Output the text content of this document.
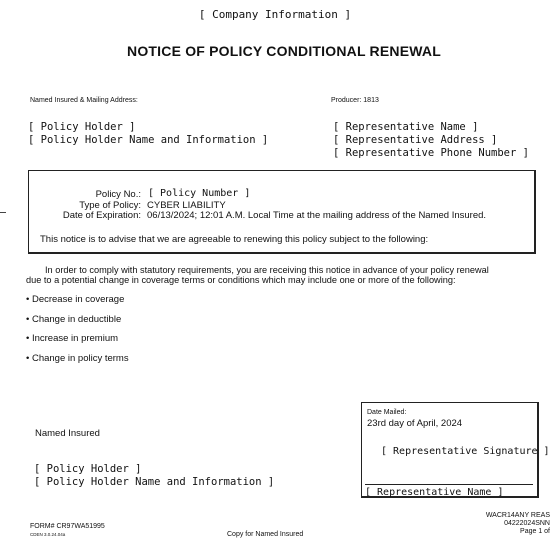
[ Company Information ]
NOTICE OF POLICY CONDITIONAL RENEWAL
Named Insured & Mailing Address:	Producer: 1813
[ Policy Holder ]
[ Policy Holder Name and Information ]
[ Representative Name ]
[ Representative Address ]
[ Representative Phone Number ]
Policy No.: [ Policy Number ]
Type of Policy: CYBER LIABILITY
Date of Expiration: 06/13/2024; 12:01 A.M. Local Time at the mailing address of the Named Insured.
This notice is to advise that we are agreeable to renewing this policy subject to the following:
In order to comply with statutory requirements, you are receiving this notice in advance of your policy renewal
due to a potential change in coverage terms or conditions which may include one or more of the following:
• Decrease in coverage
• Change in deductible
• Increase in premium
• Change in policy terms
Named Insured
[ Policy Holder ]
[ Policy Holder Name and Information ]
Date Mailed:
23rd day of April, 2024
[ Representative Signature ]
[ Representative Name ]
FORM# CR97WA51995
CDEN 3.0.24.04a	Copy for Named Insured
WACR14ANY REAS
04222024SNN
Page 1 of
